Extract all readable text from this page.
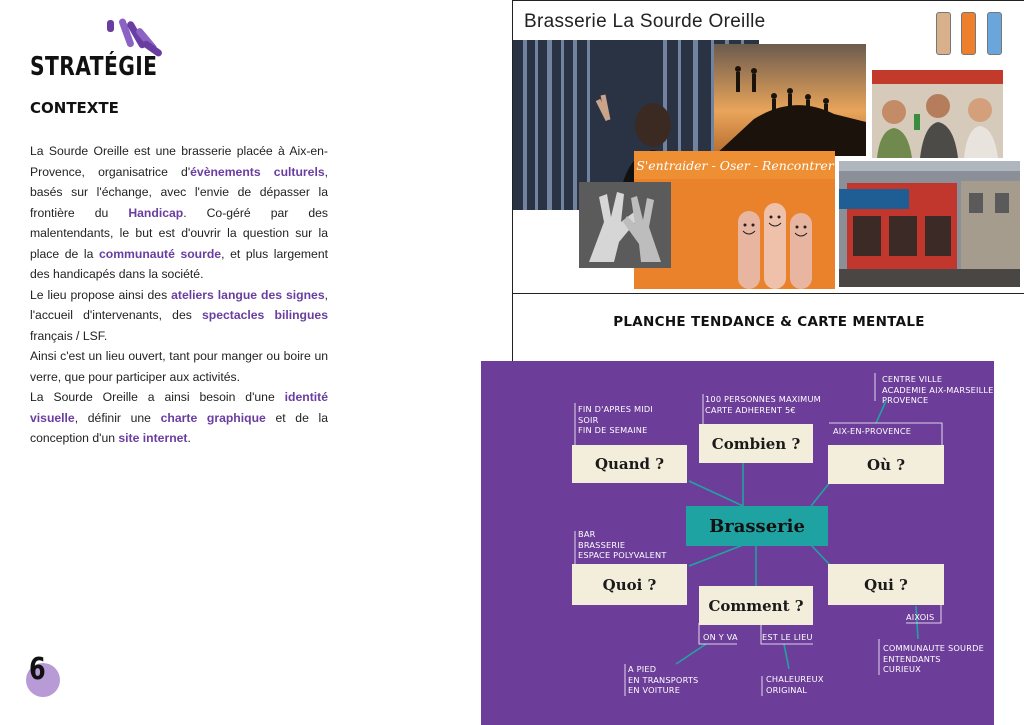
STRATÉGIE
CONTEXTE

La Sourde Oreille est une brasserie placée à Aix-en-Provence, organisatrice d'évènements culturels, basés sur l'échange, avec l'envie de dépasser la frontière du Handicap. Co-géré par des malentendants, le but est d'ouvrir la question sur la place de la communauté sourde, et plus largement des handicapés dans la société.

Le lieu propose ainsi des ateliers langue des signes, l'accueil d'intervenants, des spectacles bilingues français / LSF.

Ainsi c'est un lieu ouvert, tant pour manger ou boire un verre, que pour participer aux activités.

La Sourde Oreille a ainsi besoin d'une identité visuelle, définir une charte graphique et de la conception d'un site internet.

6
Brasserie La Sourde Oreille
S'entraider - Oser - Rencontrer
PLANCHE TENDANCE & CARTE MENTALE
Brasserie
Quand ?
Combien ?
Où ?
Quoi ?
Comment ?
Qui ?
FIN D'APRES MIDI
SOIR
FIN DE SEMAINE
100 PERSONNES MAXIMUM
CARTE ADHERENT 5€
AIX-EN-PROVENCE
CENTRE VILLE
ACADEMIE AIX-MARSEILLE
PROVENCE
BAR
BRASSERIE
ESPACE POLYVALENT
ON Y VA	EST LE LIEU
A PIED
EN TRANSPORTS
EN VOITURE
CHALEUREUX
ORIGINAL
AIXOIS
COMMUNAUTE SOURDE
ENTENDANTS
CURIEUX
